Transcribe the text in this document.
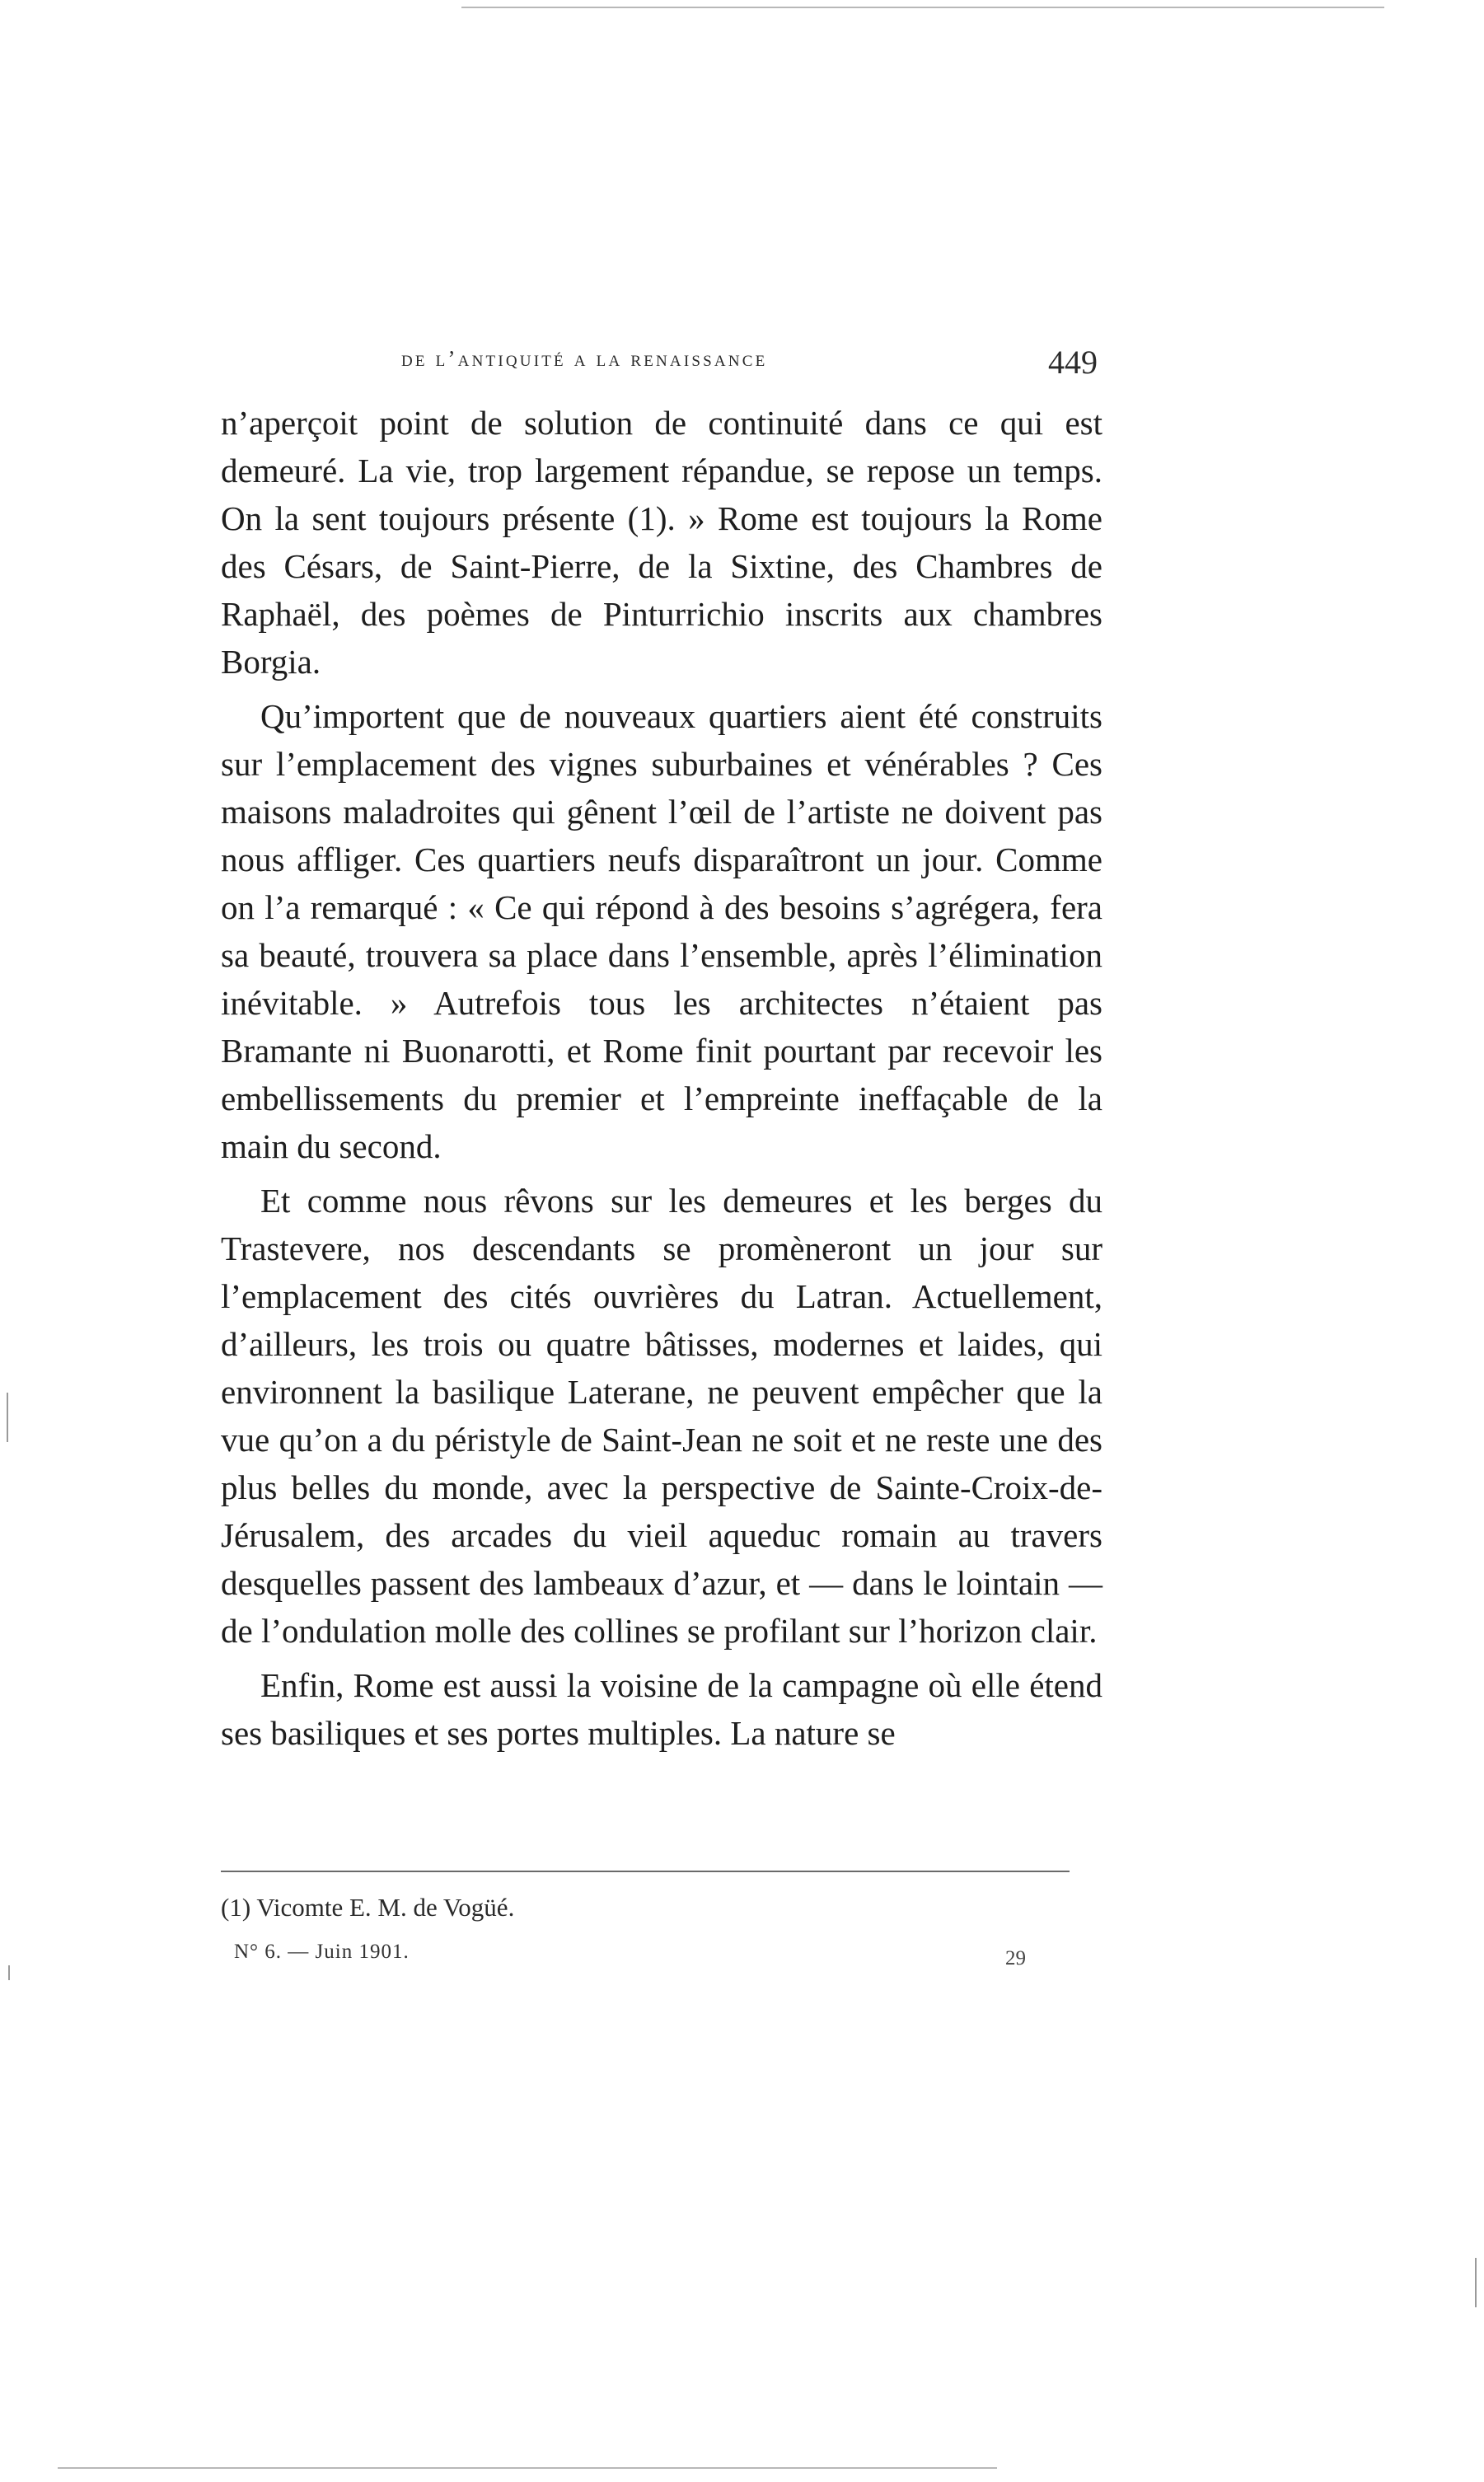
de l’antiquité a la renaissance	449

n’aperçoit point de solution de continuité dans ce qui est demeuré. La vie, trop largement répandue, se repose un temps. On la sent toujours présente (1). » Rome est toujours la Rome des Césars, de Saint-Pierre, de la Sixtine, des Chambres de Raphaël, des poèmes de Pinturrichio inscrits aux chambres Borgia.

Qu’importent que de nouveaux quartiers aient été construits sur l’emplacement des vignes suburbaines et vénérables ? Ces maisons maladroites qui gênent l’œil de l’artiste ne doivent pas nous affliger. Ces quartiers neufs disparaîtront un jour. Comme on l’a remarqué : « Ce qui répond à des besoins s’agrégera, fera sa beauté, trouvera sa place dans l’ensemble, après l’élimination inévitable. » Autrefois tous les architectes n’étaient pas Bramante ni Buonarotti, et Rome finit pourtant par recevoir les embellissements du premier et l’empreinte ineffaçable de la main du second.

Et comme nous rêvons sur les demeures et les berges du Trastevere, nos descendants se promèneront un jour sur l’emplacement des cités ouvrières du Latran. Actuellement, d’ailleurs, les trois ou quatre bâtisses, modernes et laides, qui environnent la basilique Laterane, ne peuvent empêcher que la vue qu’on a du péristyle de Saint-Jean ne soit et ne reste une des plus belles du monde, avec la perspective de Sainte-Croix-de-Jérusalem, des arcades du vieil aqueduc romain au travers desquelles passent des lambeaux d’azur, et — dans le lointain — de l’ondulation molle des collines se profilant sur l’horizon clair.

Enfin, Rome est aussi la voisine de la campagne où elle étend ses basiliques et ses portes multiples. La nature se

(1) Vicomte E. M. de Vogüé.
N° 6. — Juin 1901.	29
